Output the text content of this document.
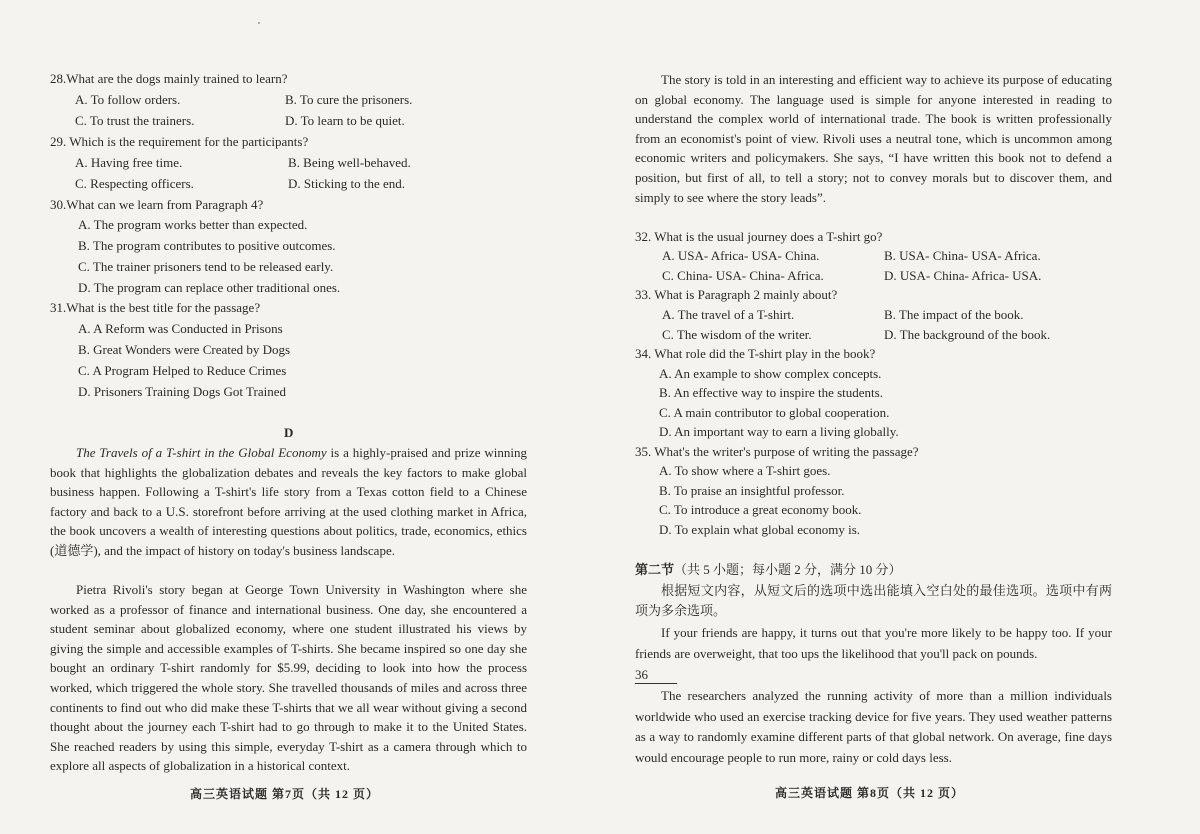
28.What are the dogs mainly trained to learn?
A. To follow orders.	B. To cure the prisoners.
C. To trust the trainers.	D. To learn to be quiet.
29. Which is the requirement for the participants?
A. Having free time.	B. Being well-behaved.
C. Respecting officers.	D. Sticking to the end.
30.What can we learn from Paragraph 4?
A. The program works better than expected.
B. The program contributes to positive outcomes.
C. The trainer prisoners tend to be released early.
D. The program can replace other traditional ones.
31.What is the best title for the passage?
A. A Reform was Conducted in Prisons
B. Great Wonders were Created by Dogs
C. A Program Helped to Reduce Crimes
D. Prisoners Training Dogs Got Trained
D
The Travels of a T-shirt in the Global Economy is a highly-praised and prize winning book that highlights the globalization debates and reveals the key factors to make global business happen. Following a T-shirt's life story from a Texas cotton field to a Chinese factory and back to a U.S. storefront before arriving at the used clothing market in Africa, the book uncovers a wealth of interesting questions about politics, trade, economics, ethics (道德学), and the impact of history on today's business landscape.
Pietra Rivoli's story began at George Town University in Washington where she worked as a professor of finance and international business. One day, she encountered a student seminar about globalized economy, where one student illustrated his views by giving the simple and accessible examples of T-shirts. She became inspired so one day she bought an ordinary T-shirt randomly for $5.99, deciding to look into how the process worked, which triggered the whole story. She travelled thousands of miles and across three continents to find out who did make these T-shirts that we all wear without giving a second thought about the journey each T-shirt had to go through to make it to the United States. She reached readers by using this simple, everyday T-shirt as a camera through which to explore all aspects of globalization in a historical context.
高三英语试题 第7页（共 12 页）
The story is told in an interesting and efficient way to achieve its purpose of educating on global economy. The language used is simple for anyone interested in reading to understand the complex world of international trade. The book is written professionally from an economist's point of view. Rivoli uses a neutral tone, which is uncommon among economic writers and policymakers. She says, “I have written this book not to defend a position, but first of all, to tell a story; not to convey morals but to discover them, and simply to see where the story leads”.
32. What is the usual journey does a T-shirt go?
A. USA- Africa- USA- China.	B. USA- China- USA- Africa.
C. China- USA- China- Africa.	D. USA- China- Africa- USA.
33. What is Paragraph 2 mainly about?
A. The travel of a T-shirt.	B. The impact of the book.
C. The wisdom of the writer.	D. The background of the book.
34. What role did the T-shirt play in the book?
A. An example to show complex concepts.
B. An effective way to inspire the students.
C. A main contributor to global cooperation.
D. An important way to earn a living globally.
35. What's the writer's purpose of writing the passage?
A. To show where a T-shirt goes.
B. To praise an insightful professor.
C. To introduce a great economy book.
D. To explain what global economy is.
第二节（共 5 小题；每小题 2 分，满分 10 分）
根据短文内容，从短文后的选项中选出能填入空白处的最佳选项。选项中有两项为多余选项。
If your friends are happy, it turns out that you're more likely to be happy too. If your friends are overweight, that too ups the likelihood that you'll pack on pounds.
36
The researchers analyzed the running activity of more than a million individuals worldwide who used an exercise tracking device for five years. They used weather patterns as a way to randomly examine different parts of that global network. On average, fine days would encourage people to run more, rainy or cold days less.
高三英语试题 第8页（共 12 页）
